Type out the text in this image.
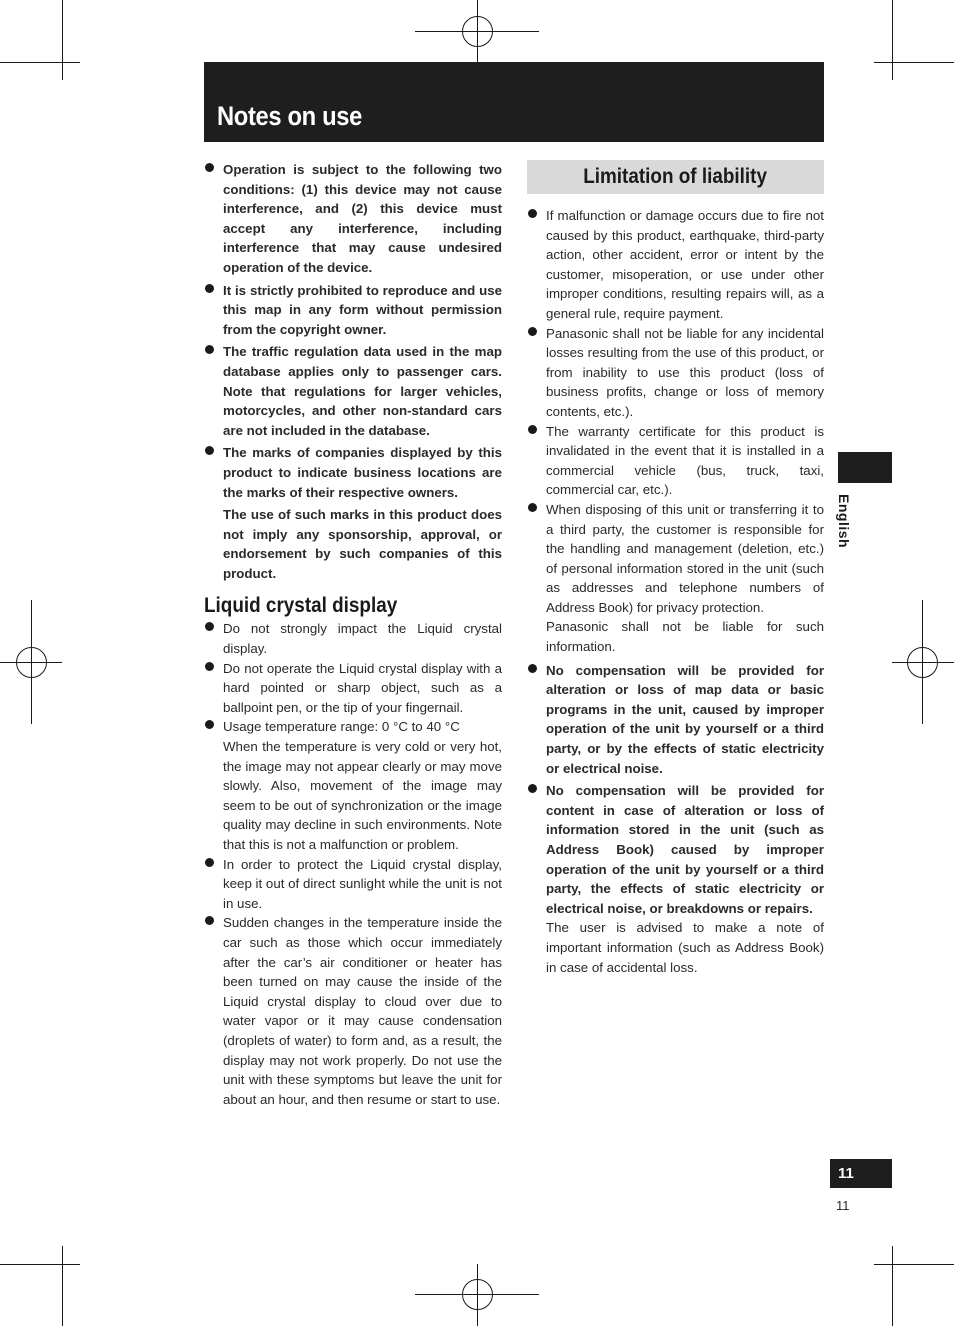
Notes on use
Operation is subject to the following two conditions: (1) this device may not cause interference, and (2) this device must accept any interference, including interference that may cause undesired operation of the device.
It is strictly prohibited to reproduce and use this map in any form without permission from the copyright owner.
The traffic regulation data used in the map database applies only to passenger cars. Note that regulations for larger vehicles, motorcycles, and other non-standard cars are not included in the database.
The marks of companies displayed by this product to indicate business locations are the marks of their respective owners.

The use of such marks in this product does not imply any sponsorship, approval, or endorsement by such companies of this product.

Liquid crystal display
Do not strongly impact the Liquid crystal display.
Do not operate the Liquid crystal display with a hard pointed or sharp object, such as a ballpoint pen, or the tip of your fingernail.
Usage temperature range: 0 °C to 40 °C

When the temperature is very cold or very hot, the image may not appear clearly or may move slowly. Also, movement of the image may seem to be out of synchronization or the image quality may decline in such environments. Note that this is not a malfunction or problem.

In order to protect the Liquid crystal display, keep it out of direct sunlight while the unit is not in use.
Sudden changes in the temperature inside the car such as those which occur immediately after the car’s air conditioner or heater has been turned on may cause the inside of the Liquid crystal display to cloud over due to water vapor or it may cause condensation (droplets of water) to form and, as a result, the display may not work properly. Do not use the unit with these symptoms but leave the unit for about an hour, and then resume or start to use.
Limitation of liability
If malfunction or damage occurs due to fire not caused by this product, earthquake, third-party action, other accident, error or intent by the customer, misoperation, or use under other improper conditions, resulting repairs will, as a general rule, require payment.
Panasonic shall not be liable for any incidental losses resulting from the use of this product, or from inability to use this product (loss of business profits, change or loss of memory contents, etc.).
The warranty certificate for this product is invalidated in the event that it is installed in a commercial vehicle (bus, truck, taxi, commercial car, etc.).
When disposing of this unit or transferring it to a third party, the customer is responsible for the handling and management (deletion, etc.) of personal information stored in the unit (such as addresses and telephone numbers of Address Book) for privacy protection.

Panasonic shall not be liable for such information.

No compensation will be provided for alteration or loss of map data or basic programs in the unit, caused by improper operation of the unit by yourself or a third party, or by the effects of static electricity or electrical noise.
No compensation will be provided for content in case of alteration or loss of information stored in the unit (such as Address Book) caused by improper operation of the unit by yourself or a third party, the effects of static electricity or electrical noise, or breakdowns or repairs.

The user is advised to make a note of important information (such as Address Book) in case of accidental loss.

English
11
11
